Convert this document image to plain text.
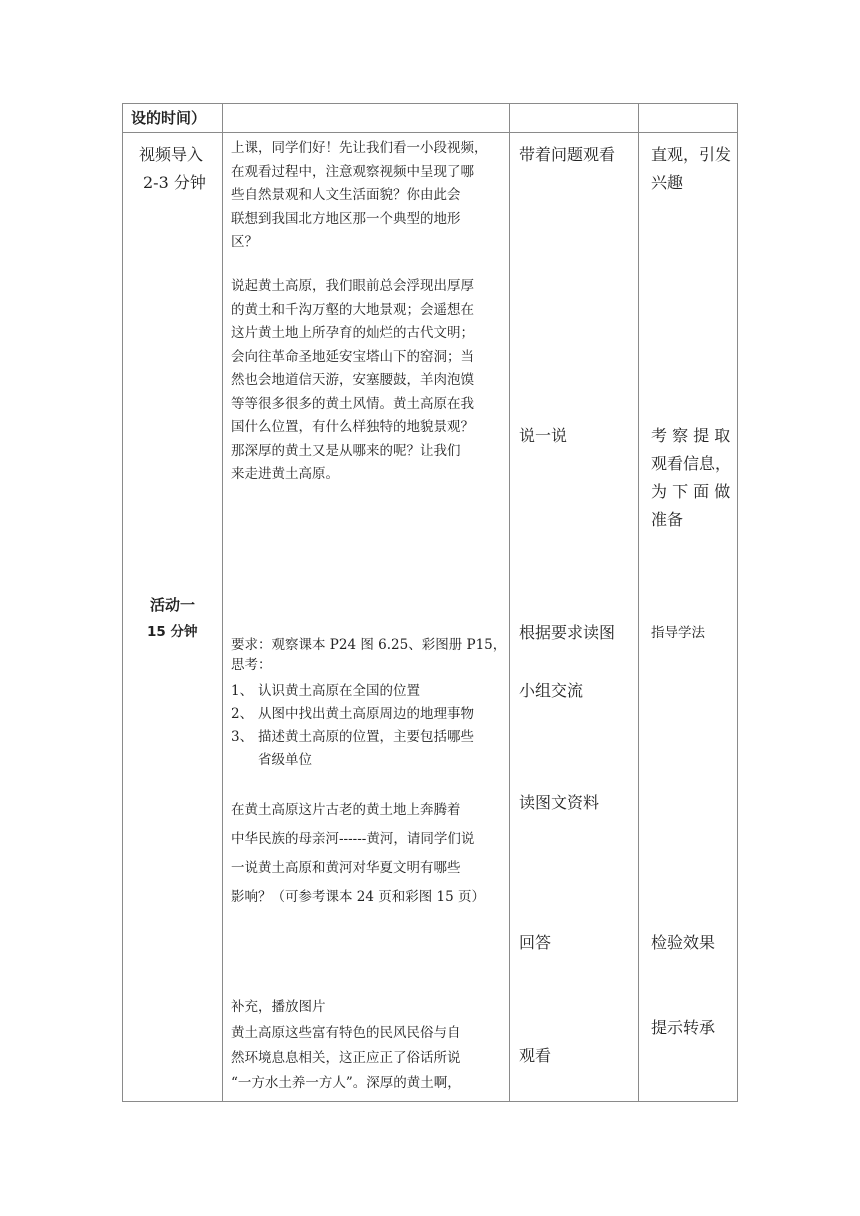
设的时间）
视频导入
2-3 分钟
活动一
15 分钟
上课，同学们好！先让我们看一小段视频，
在观看过程中，注意观察视频中呈现了哪
些自然景观和人文生活面貌？你由此会
联想到我国北方地区那一个典型的地形
区？
说起黄土高原，我们眼前总会浮现出厚厚
的黄土和千沟万壑的大地景观；会遥想在
这片黄土地上所孕育的灿烂的古代文明；
会向往革命圣地延安宝塔山下的窑洞；当
然也会地道信天游，安塞腰鼓，羊肉泡馍
等等很多很多的黄土风情。黄土高原在我
国什么位置，有什么样独特的地貌景观？
那深厚的黄土又是从哪来的呢？让我们
来走进黄土高原。
要求：观察课本 P24 图 6.25、彩图册 P15，
思考：
1、 认识黄土高原在全国的位置
2、 从图中找出黄土高原周边的地理事物
3、 描述黄土高原的位置，主要包括哪些
省级单位
在黄土高原这片古老的黄土地上奔腾着
中华民族的母亲河------黄河，请同学们说
一说黄土高原和黄河对华夏文明有哪些
影响？（可参考课本 24 页和彩图 15 页）
补充，播放图片
黄土高原这些富有特色的民风民俗与自
然环境息息相关，这正应正了俗话所说
“一方水土养一方人”。深厚的黄土啊，
带着问题观看
说一说
根据要求读图
小组交流
读图文资料
回答
观看
直观，引发
兴趣
考 察 提 取
观看信息，
为 下 面 做
准备
指导学法
检验效果
提示转承
